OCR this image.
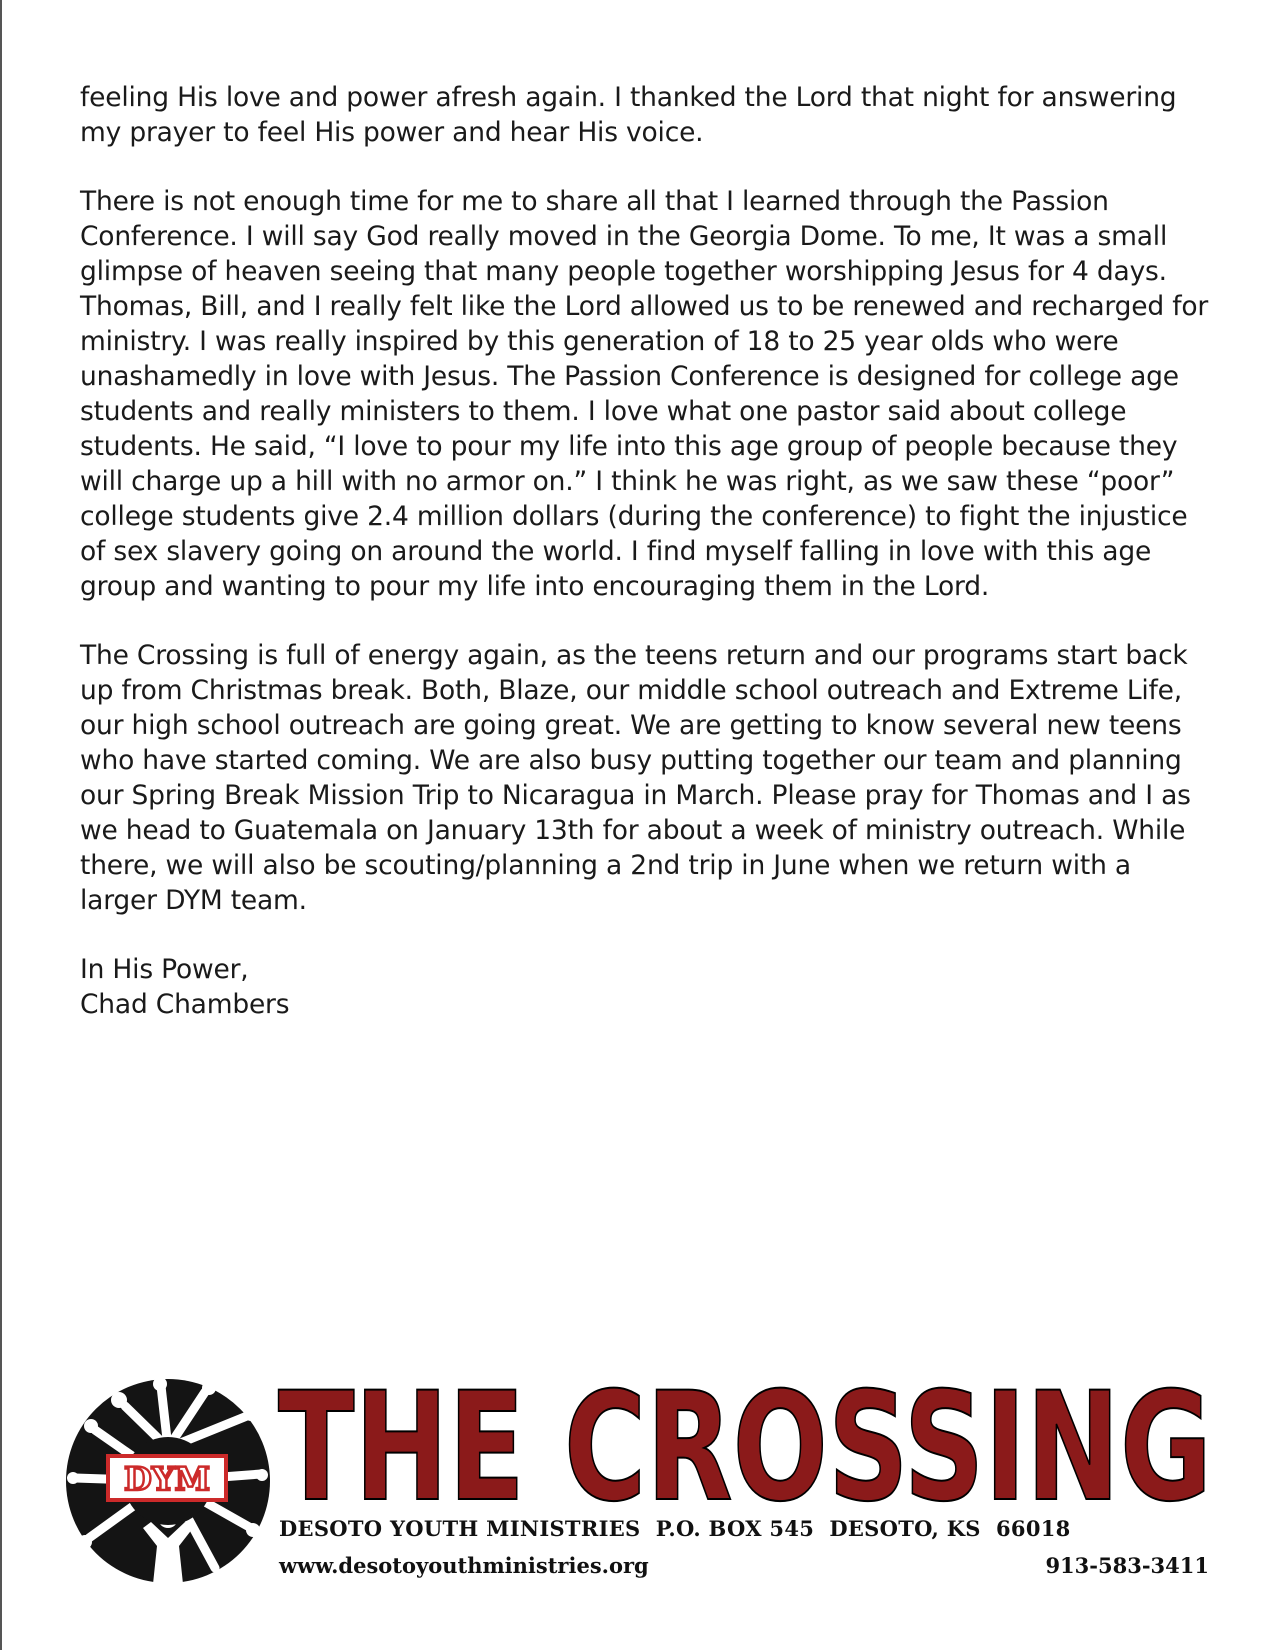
feeling His love and power afresh again. I thanked the Lord that night for answering my prayer to feel His power and hear His voice.

There is not enough time for me to share all that I learned through the Passion Conference. I will say God really moved in the Georgia Dome. To me, It was a small glimpse of heaven seeing that many people together worshipping Jesus for 4 days. Thomas, Bill, and I really felt like the Lord allowed us to be renewed and recharged for ministry. I was really inspired by this generation of 18 to 25 year olds who were unashamedly in love with Jesus. The Passion Conference is designed for college age students and really ministers to them. I love what one pastor said about college students. He said, “I love to pour my life into this age group of people because they will charge up a hill with no armor on.” I think he was right, as we saw these “poor” college students give 2.4 million dollars (during the conference) to fight the injustice of sex slavery going on around the world. I find myself falling in love with this age group and wanting to pour my life into encouraging them in the Lord.

The Crossing is full of energy again, as the teens return and our programs start back up from Christmas break. Both, Blaze, our middle school outreach and Extreme Life, our high school outreach are going great. We are getting to know several new teens who have started coming. We are also busy putting together our team and planning our Spring Break Mission Trip to Nicaragua in March. Please pray for Thomas and I as we head to Guatemala on January 13th for about a week of ministry outreach. While there, we will also be scouting/planning a 2nd trip in June when we return with a larger DYM team.

In His Power,
Chad Chambers
DYM THE CROSSING
DESOTO YOUTH MINISTRIES  P.O. BOX 545  DESOTO, KS  66018
www.desotoyouthministries.org	913-583-3411
